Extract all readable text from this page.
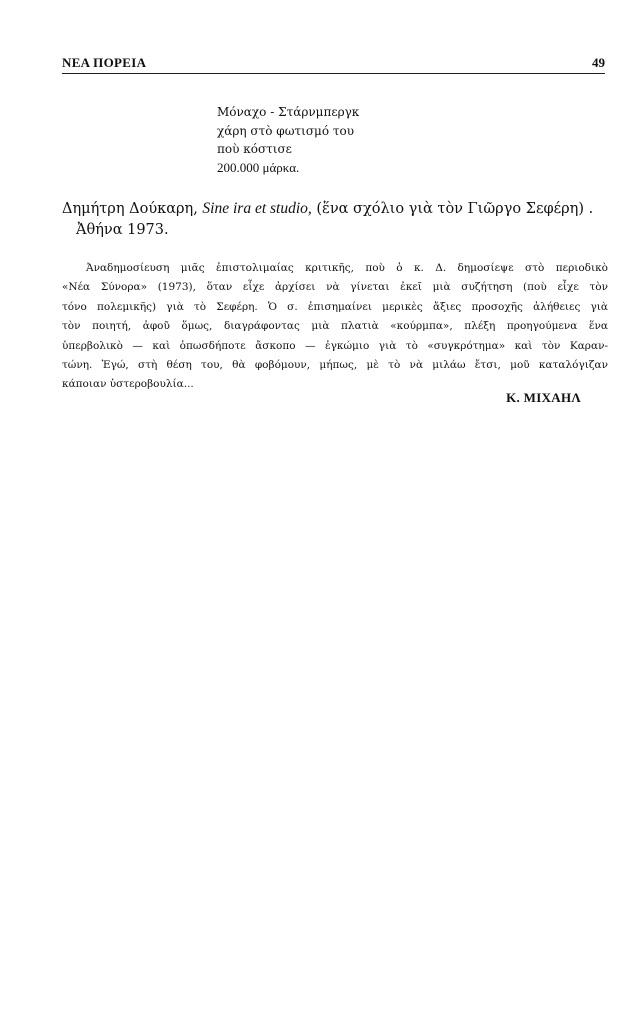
ΝΕΑ ΠΟΡΕΙΑ	49
Μόναχο - Στάρνμπεργκ
χάρη στὸ φωτισμό του
ποὺ κόστισε
200.000 μάρκα.
Δημήτρη Δούκαρη, Sine ira et studio, (ἕνα σχόλιο γιὰ τὸν Γιῶργο Σεφέρη) .
Ἀθήνα 1973.
Ἀναδημοσίευση μιᾶς ἐπιστολιμαίας κριτικῆς, ποὺ ὁ κ. Δ. δημοσίεψε στὸ περιοδικὸ
«Νέα Σύνορα» (1973), ὅταν εἶχε ἀρχίσει νὰ γίνεται ἐκεῖ μιὰ συζήτηση (ποὺ εἶχε τὸν
τόνο πολεμικῆς) γιὰ τὸ Σεφέρη. Ὁ σ. ἐπισημαίνει μερικὲς ἄξιες προσοχῆς ἀλήθειες γιὰ
τὸν ποιητή, ἀφοῦ ὅμως, διαγράφοντας μιὰ πλατιὰ «κούρμπα», πλέξη προηγούμενα ἕνα
ὑπερβολικὸ — καὶ ὁπωσδήποτε ἄσκοπο — ἐγκώμιο γιὰ τὸ «συγκρότημα» καὶ τὸν Καραν-
τώνη. Ἐγώ, στὴ θέση του, θὰ φοβόμουν, μήπως, μὲ τὸ νὰ μιλάω ἔτσι, μοῦ καταλόγιζαν
κάποιαν ὑστεροβουλία...
Κ. ΜΙΧΑΗΛ
